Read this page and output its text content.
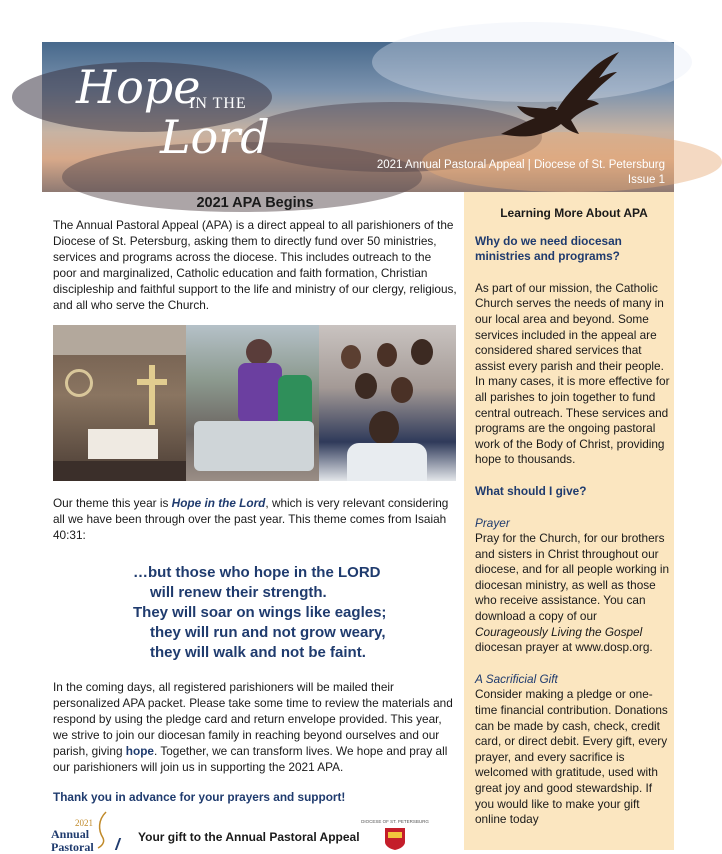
Hope
IN THE
Lord
2021 Annual Pastoral Appeal | Diocese of St. Petersburg
Issue 1
2021 APA Begins

The Annual Pastoral Appeal (APA) is a direct appeal to all parishioners of the Diocese of St. Petersburg, asking them to directly fund over 50 ministries, services and programs across the diocese. This includes outreach to the poor and marginalized, Catholic education and faith formation, Christian discipleship and faithful support to the life and ministry of our clergy, religious, and all who serve the Church.

Our theme this year is Hope in the Lord, which is very relevant considering all we have been through over the past year. This theme comes from Isaiah 40:31:

…but those who hope in the LORD
will renew their strength.
They will soar on wings like eagles;
they will run and not grow weary,
they will walk and not be faint.

In the coming days, all registered parishioners will be mailed their personalized APA packet. Please take some time to review the materials and respond by using the pledge card and return envelope provided. This year, we strive to join our diocesan family in reaching beyond ourselves and our parish, giving hope. Together, we can transform lives. We hope and pray all our parishioners will join us in supporting the 2021 APA.

Thank you in advance for your prayers and support!

2021
Annual
Pastoral
Your gift to the Annual Pastoral Appeal
DIOCESE OF ST. PETERSBURG
Learning More About APA

Why do we need diocesan ministries and programs?

As part of our mission, the Catholic Church serves the needs of many in our local area and beyond. Some services included in the appeal are considered shared services that assist every parish and their people. In many cases, it is more effective for all parishes to join together to fund central outreach. These services and programs are the ongoing pastoral work of the Body of Christ, providing hope to thousands.

What should I give?

Prayer

Pray for the Church, for our brothers and sisters in Christ throughout our diocese, and for all people working in diocesan ministry, as well as those who receive assistance. You can download a copy of our Courageously Living the Gospel diocesan prayer at www.dosp.org.

A Sacrificial Gift

Consider making a pledge or one-time financial contribution. Donations can be made by cash, check, credit card, or direct debit. Every gift, every prayer, and every sacrifice is welcomed with gratitude, used with great joy and good stewardship. If you would like to make your gift online today
